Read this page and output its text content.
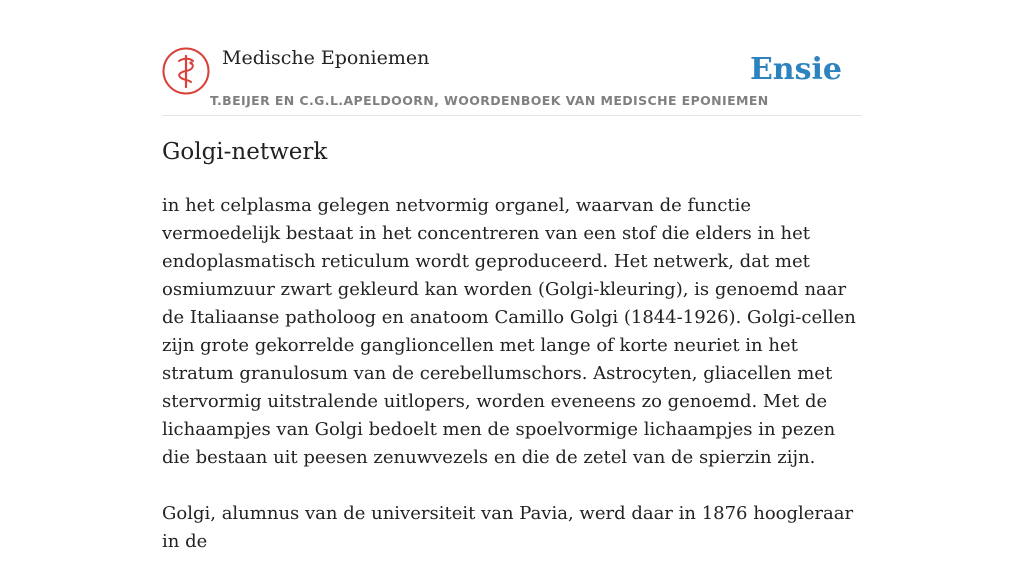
Medische Eponiemen
T.BEIJER EN C.G.L.APELDOORN, WOORDENBOEK VAN MEDISCHE EPONIEMEN
Ensie
Golgi-netwerk

in het celplasma gelegen netvormig organel, waarvan de functie vermoedelijk bestaat in het concentreren van een stof die elders in het endoplasmatisch reticulum wordt geproduceerd. Het netwerk, dat met osmiumzuur zwart gekleurd kan worden (Golgi-kleuring), is genoemd naar de Italiaanse patholoog en anatoom Camillo Golgi (1844-1926). Golgi-cellen zijn grote gekorrelde ganglioncellen met lange of korte neuriet in het stratum granulosum van de cerebellumschors. Astrocyten, gliacellen met stervormig uitstralende uitlopers, worden eveneens zo genoemd. Met de lichaampjes van Golgi bedoelt men de spoelvormige lichaampjes in pezen die bestaan uit peesen zenuwvezels en die de zetel van de spierzin zijn.

Golgi, alumnus van de universiteit van Pavia, werd daar in 1876 hoogleraar in de
